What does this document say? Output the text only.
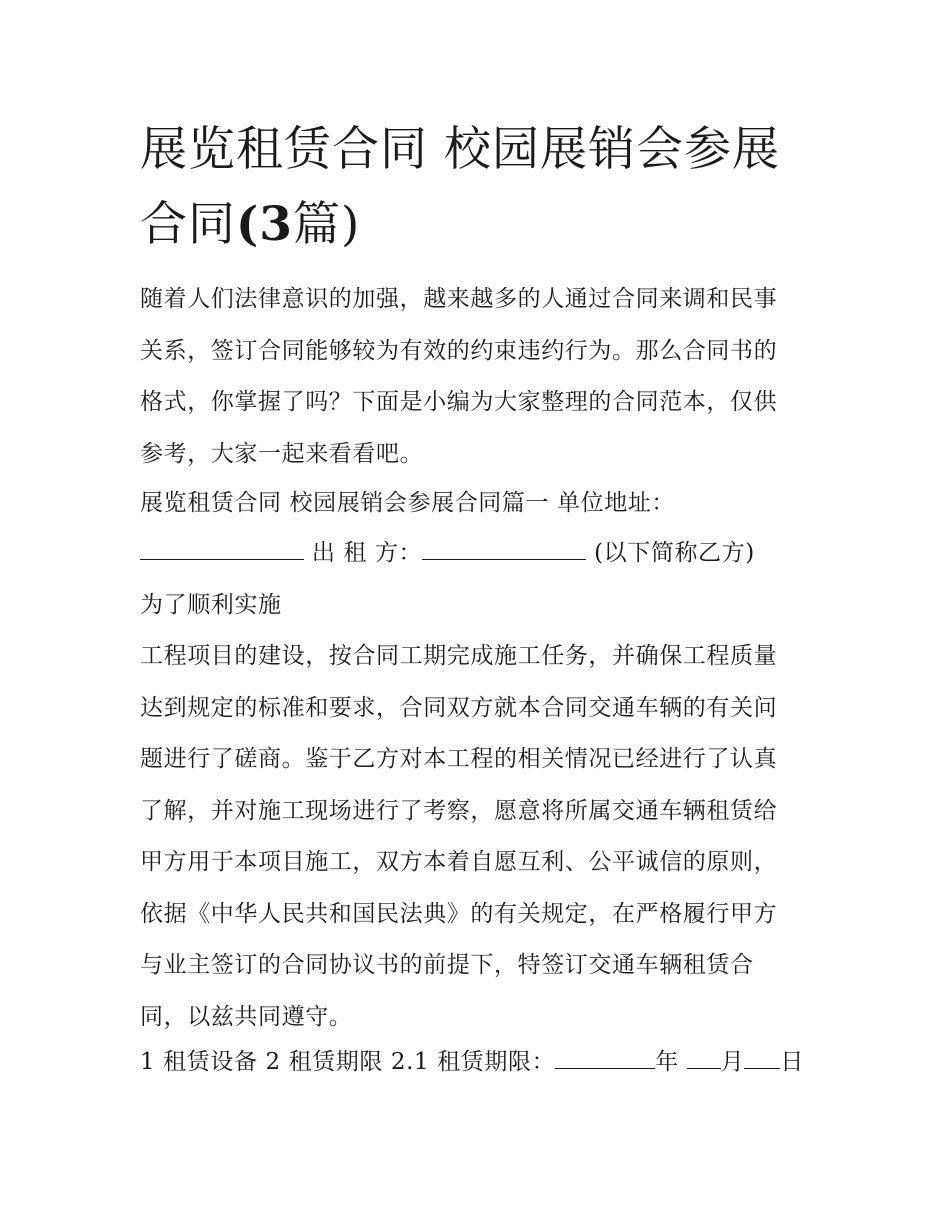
展览租赁合同 校园展销会参展
合同(3篇)

随着人们法律意识的加强，越来越多的人通过合同来调和民事
关系，签订合同能够较为有效的约束违约行为。那么合同书的
格式，你掌握了吗？下面是小编为大家整理的合同范本，仅供
参考，大家一起来看看吧。

展览租赁合同 校园展销会参展合同篇一 单位地址：

出 租 方：	(以下简称乙方)

为了顺利实施

工程项目的建设，按合同工期完成施工任务，并确保工程质量
达到规定的标准和要求，合同双方就本合同交通车辆的有关问
题进行了磋商。鉴于乙方对本工程的相关情况已经进行了认真
了解，并对施工现场进行了考察，愿意将所属交通车辆租赁给
甲方用于本项目施工，双方本着自愿互利、公平诚信的原则，
依据《中华人民共和国民法典》的有关规定，在严格履行甲方
与业主签订的合同协议书的前提下，特签订交通车辆租赁合
同，以兹共同遵守。

1 租赁设备 2 租赁期限 2.1 租赁期限：	年 月 日
